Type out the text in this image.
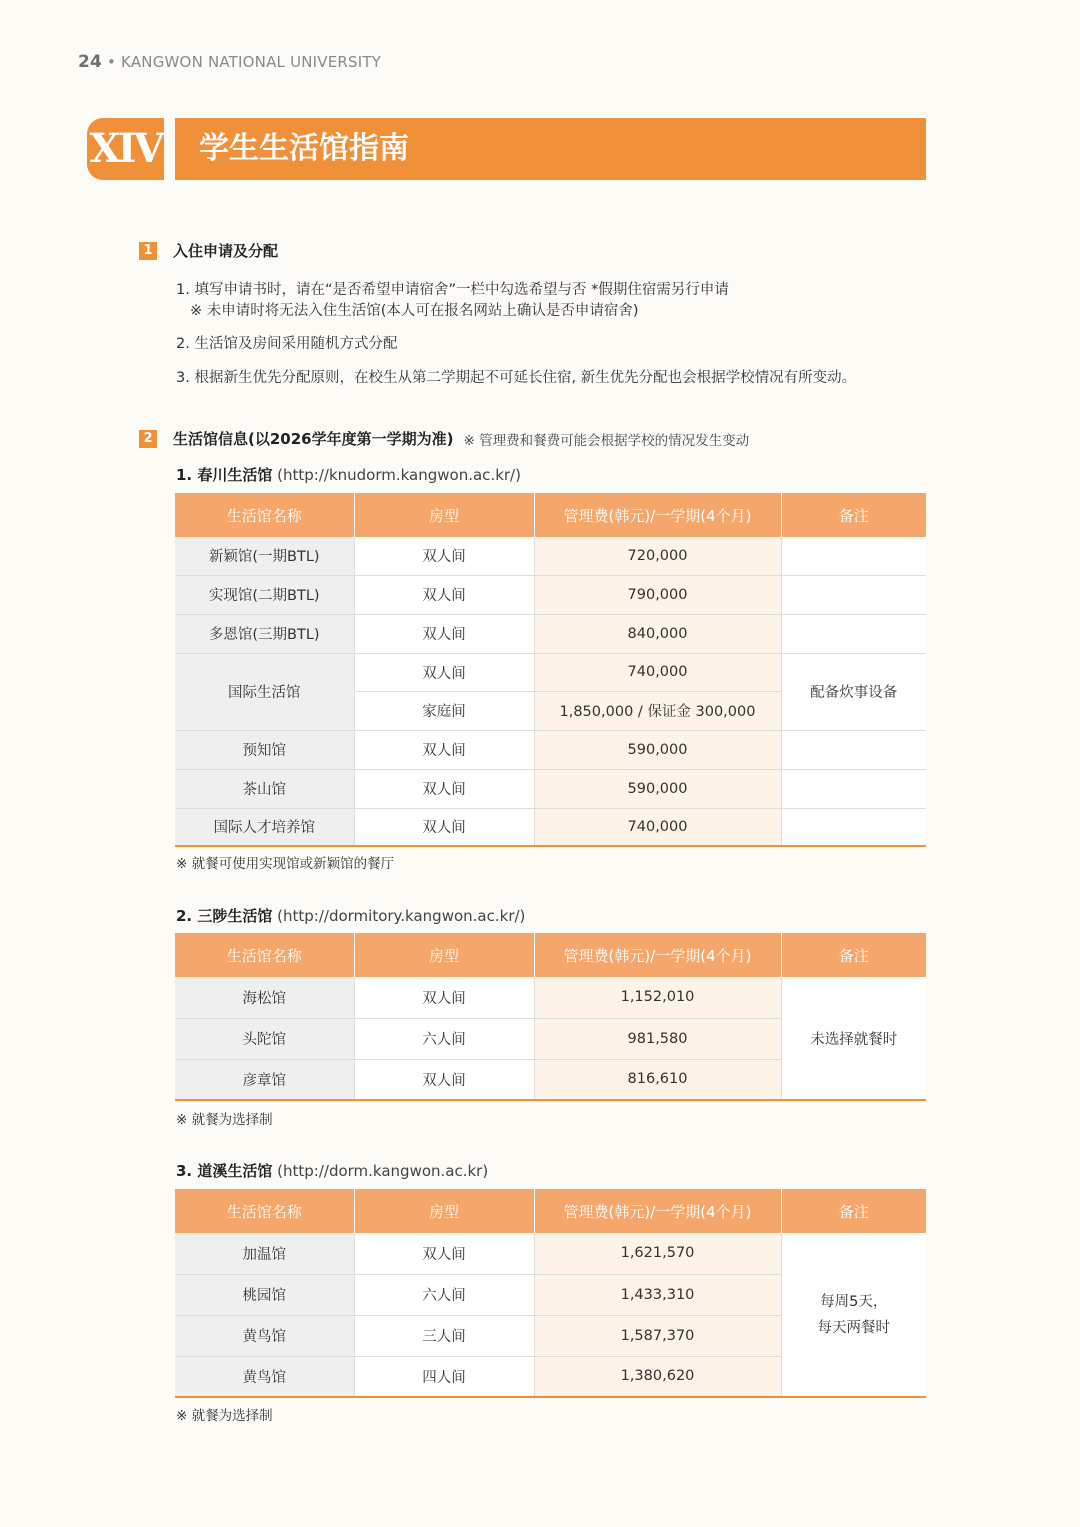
24 • KANGWON NATIONAL UNIVERSITY
XIV	学生生活馆指南
1 入住申请及分配
1. 填写申请书时，请在“是否希望申请宿舍”一栏中勾选希望与否 *假期住宿需另行申请
※ 未申请时将无法入住生活馆(本人可在报名网站上确认是否申请宿舍)
2. 生活馆及房间采用随机方式分配
3. 根据新生优先分配原则，在校生从第二学期起不可延长住宿, 新生优先分配也会根据学校情况有所变动。
2 生活馆信息(以2026学年度第一学期为准) ※ 管理费和餐费可能会根据学校的情况发生变动
1. 春川生活馆 (http://knudorm.kangwon.ac.kr/)
生活馆名称	房型	管理费(韩元)/一学期(4个月)	备注
新颖馆(一期BTL)	双人间	720,000	
实现馆(二期BTL)	双人间	790,000	
多恩馆(三期BTL)	双人间	840,000	
国际生活馆	双人间	740,000	配备炊事设备
	家庭间	1,850,000 / 保证金 300,000	
预知馆	双人间	590,000	
茶山馆	双人间	590,000	
国际人才培养馆	双人间	740,000	
※ 就餐可使用实现馆或新颖馆的餐厅
2. 三陟生活馆 (http://dormitory.kangwon.ac.kr/)
生活馆名称	房型	管理费(韩元)/一学期(4个月)	备注
海松馆	双人间	1,152,010	未选择就餐时
头陀馆	六人间	981,580	
彦章馆	双人间	816,610	
※ 就餐为选择制
3. 道溪生活馆 (http://dorm.kangwon.ac.kr)
生活馆名称	房型	管理费(韩元)/一学期(4个月)	备注
加温馆	双人间	1,621,570	每周5天，
每天两餐时

桃园馆	六人间	1,433,310	
黄鸟馆	三人间	1,587,370	
黄鸟馆	四人间	1,380,620	
※ 就餐为选择制
